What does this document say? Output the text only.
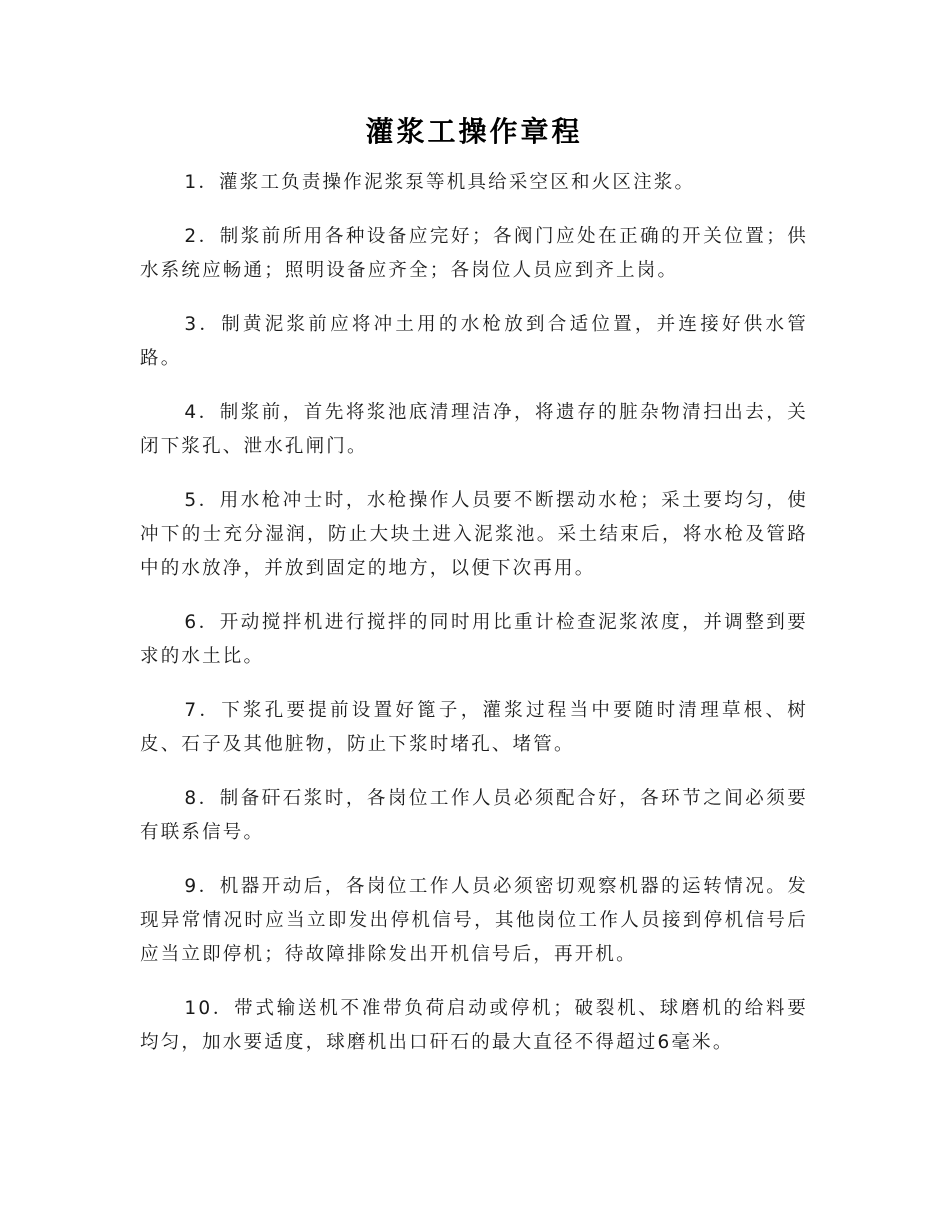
灌浆工操作章程

1．灌浆工负责操作泥浆泵等机具给采空区和火区注浆。

2．制浆前所用各种设备应完好；各阀门应处在正确的开关位置；供水系统应畅通；照明设备应齐全；各岗位人员应到齐上岗。

3．制黄泥浆前应将冲土用的水枪放到合适位置，并连接好供水管路。

4．制浆前，首先将浆池底清理洁净，将遗存的脏杂物清扫出去，关闭下浆孔、泄水孔闸门。

5．用水枪冲士时，水枪操作人员要不断摆动水枪；采土要均匀，使冲下的士充分湿润，防止大块土进入泥浆池。采土结束后，将水枪及管路中的水放净，并放到固定的地方，以便下次再用。

6．开动搅拌机进行搅拌的同时用比重计检查泥浆浓度，并调整到要求的水土比。

7．下浆孔要提前设置好篦子，灌浆过程当中要随时清理草根、树皮、石子及其他脏物，防止下浆时堵孔、堵管。

8．制备矸石浆时，各岗位工作人员必须配合好，各环节之间必须要有联系信号。

9．机器开动后，各岗位工作人员必须密切观察机器的运转情况。发现异常情况时应当立即发出停机信号，其他岗位工作人员接到停机信号后应当立即停机；待故障排除发出开机信号后，再开机。

10．带式输送机不准带负荷启动或停机；破裂机、球磨机的给料要均匀，加水要适度，球磨机出口矸石的最大直径不得超过6毫米。
